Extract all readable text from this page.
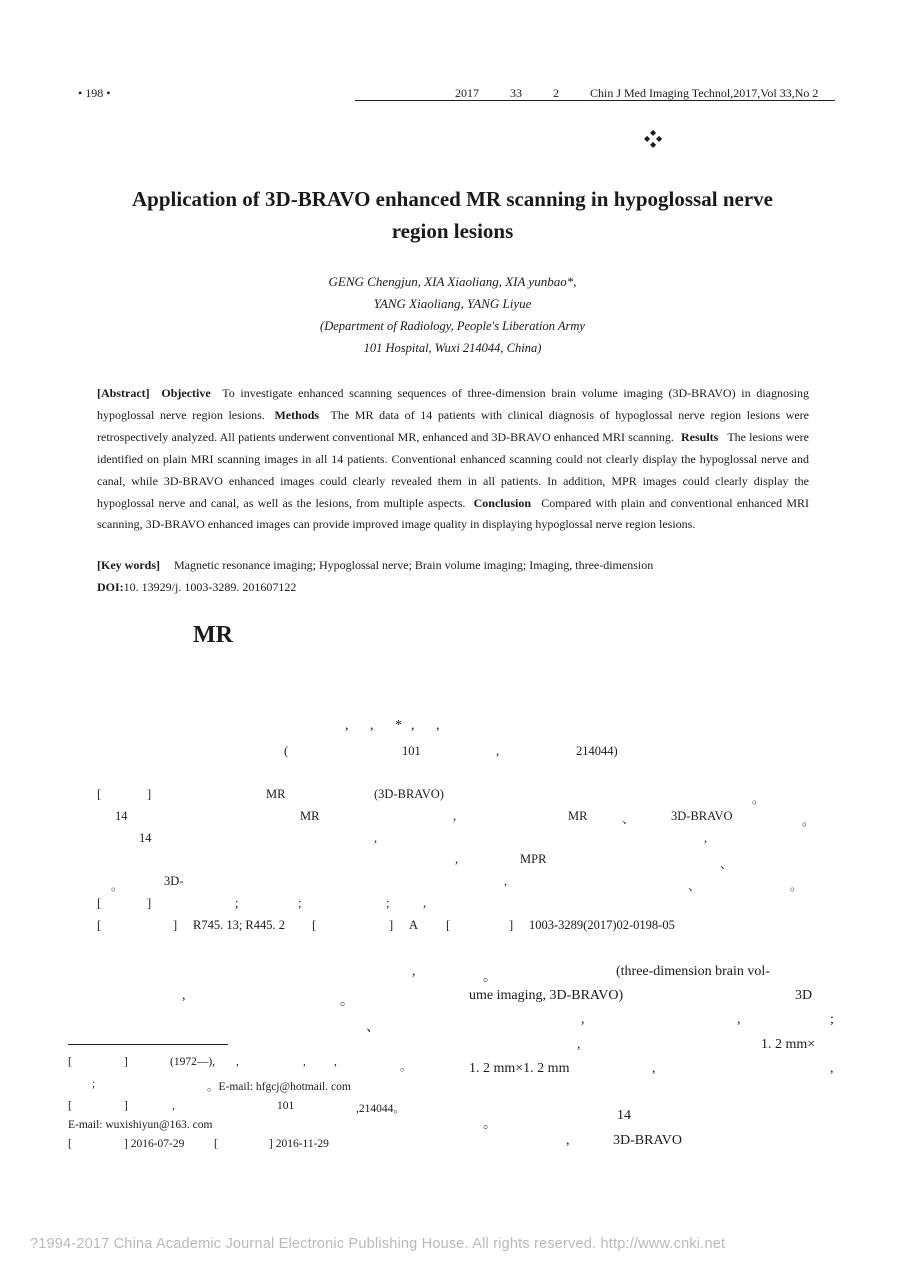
• 198 •	2017	33	2	Chin J Med Imaging Technol,2017,Vol 33,No 2
◆
◆ ◆
◆
Application of 3D-BRAVO enhanced MR scanning in hypoglossal nerve region lesions
GENG Chengjun, XIA Xiaoliang, XIA yunbao*,
YANG Xiaoliang, YANG Liyue
(Department of Radiology, People's Liberation Army
101 Hospital, Wuxi 214044, China)
[Abstract] Objective To investigate enhanced scanning sequences of three-dimension brain volume imaging (3D-BRAVO) in diagnosing hypoglossal nerve region lesions. Methods The MR data of 14 patients with clinical diagnosis of hypoglossal nerve region lesions were retrospectively analyzed. All patients underwent conventional MR, enhanced and 3D-BRAVO enhanced MRI scanning. Results The lesions were identified on plain MRI scanning images in all 14 patients. Conventional enhanced scanning could not clearly display the hypoglossal nerve and canal, while 3D-BRAVO enhanced images could clearly revealed them in all patients. In addition, MPR images could clearly display the hypoglossal nerve and canal, as well as the lesions, from multiple aspects. Conclusion Compared with plain and conventional enhanced MRI scanning, 3D-BRAVO enhanced images can provide improved image quality in displaying hypoglossal nerve region lesions.
[Key words] Magnetic resonance imaging; Hypoglossal nerve; Brain volume imaging; Imaging, three-dimension
DOI:10. 13929/j. 1003-3289. 201607122
MR
, , *, ,
(	101	,	214044)
[	]	MR	(3D-BRAVO)	。
14	MR	,	MR	、	3D-BRAVO	。
14	,	,
,	MPR	、
。	3D-	,	、	。
[	]	;	;	;	,
[	] R745. 13; R445. 2 [	] A [	] 1003-3289(2017)02-0198-05
,	。
,	。
、
(three-dimension brain vol-
ume imaging, 3D-BRAVO)	3D
,	,	;
,	1. 2 mm×
1. 2 mm×1. 2 mm	,	,
。
14
,	3D-BRAVO
[	]	(1972—), ,	, ,	。
;	。E-mail: hfgcj@hotmail. com
[	]	,	101	,214044。
E-mail: wuxishiyun@163. com
[	] 2016-07-29	[	] 2016-11-29
?1994-2017 China Academic Journal Electronic Publishing House. All rights reserved. http://www.cnki.net
